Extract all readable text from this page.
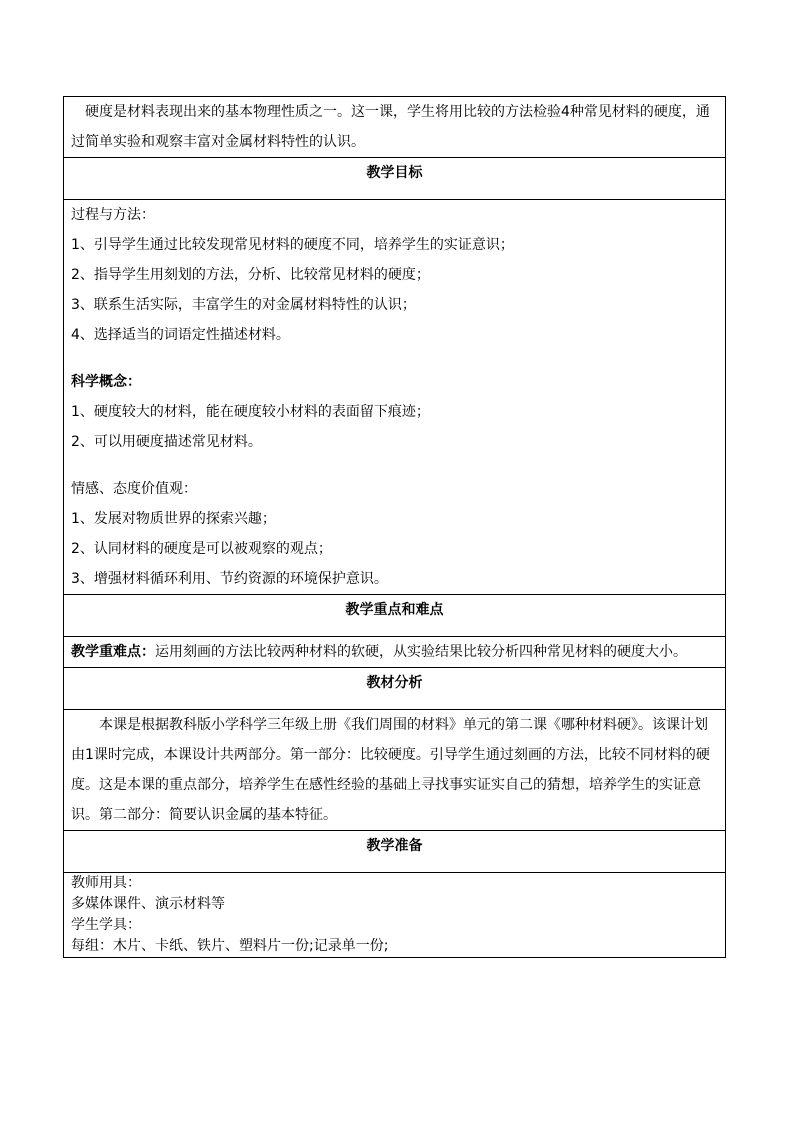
硬度是材料表现出来的基本物理性质之一。这一课，学生将用比较的方法检验4种常见材料的硬度，通过简单实验和观察丰富对金属材料特性的认识。

教学目标

过程与方法：

1、引导学生通过比较发现常见材料的硬度不同，培养学生的实证意识；

2、指导学生用刻划的方法，分析、比较常见材料的硬度；

3、联系生活实际，丰富学生的对金属材料特性的认识；

4、选择适当的词语定性描述材料。

科学概念：

1、硬度较大的材料，能在硬度较小材料的表面留下痕迹；

2、可以用硬度描述常见材料。

情感、态度价值观：

1、发展对物质世界的探索兴趣；

2、认同材料的硬度是可以被观察的观点；

3、增强材料循环利用、节约资源的环境保护意识。

教学重点和难点

教学重难点：运用刻画的方法比较两种材料的软硬，从实验结果比较分析四种常见材料的硬度大小。

教材分析

本课是根据教科版小学科学三年级上册《我们周围的材料》单元的第二课《哪种材料硬》。该课计划由1课时完成，本课设计共两部分。第一部分：比较硬度。引导学生通过刻画的方法，比较不同材料的硬度。这是本课的重点部分，培养学生在感性经验的基础上寻找事实证实自己的猜想，培养学生的实证意识。第二部分：简要认识金属的基本特征。

教学准备

教师用具：

多媒体课件、演示材料等

学生学具：

每组：木片、卡纸、铁片、塑料片一份;记录单一份;
